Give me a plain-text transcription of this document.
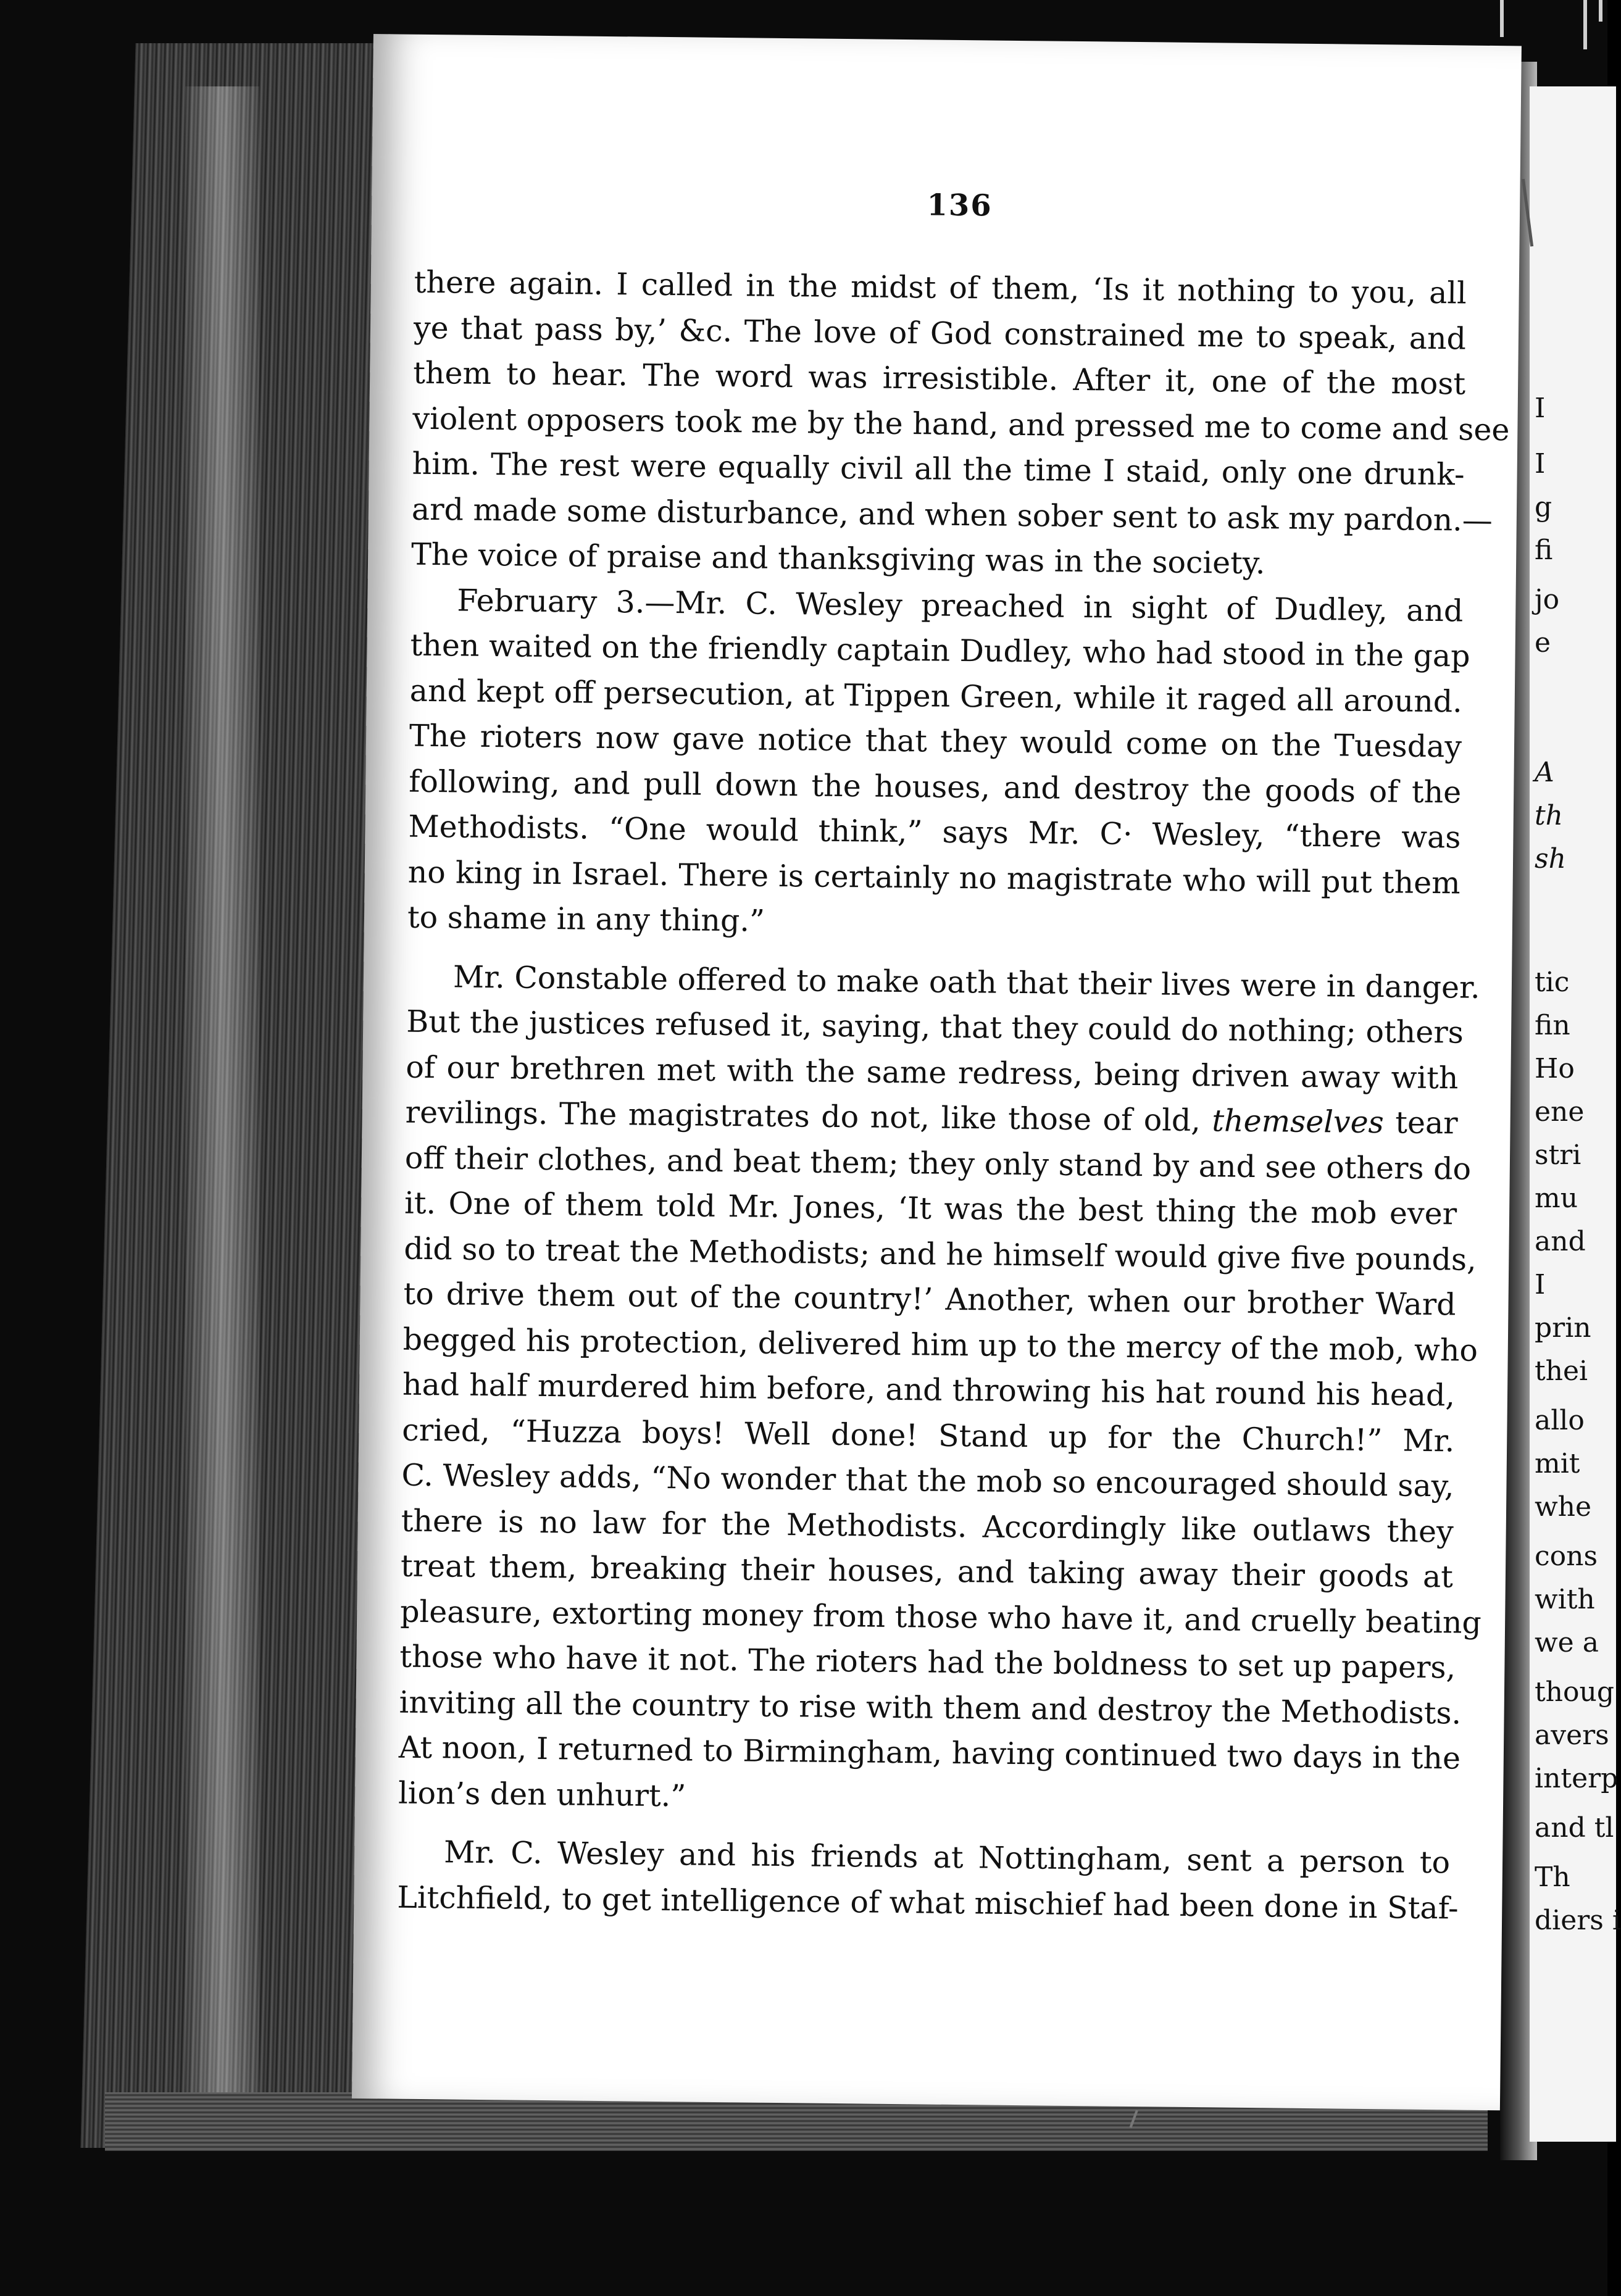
I
I
g
fi
jo
e
A
th
sh
tic
fin
Ho
ene
stri
mu
and
I
prin
thei
allo
mit
whe
cons
with
we a
thoug
avers
interp
and tl
Th
diers i
136
there again. I called in the midst of them, ‘Is it nothing to you, all
ye that pass by,’ &c. The love of God constrained me to speak, and
them to hear. The word was irresistible. After it, one of the most
violent opposers took me by the hand, and pressed me to come and see
him. The rest were equally civil all the time I staid, only one drunk-
ard made some disturbance, and when sober sent to ask my pardon.—
The voice of praise and thanksgiving was in the society.
February 3.—Mr. C. Wesley preached in sight of Dudley, and
then waited on the friendly captain Dudley, who had stood in the gap
and kept off persecution, at Tippen Green, while it raged all around.
The rioters now gave notice that they would come on the Tuesday
following, and pull down the houses, and destroy the goods of the
Methodists. “One would think,” says Mr. C· Wesley, “there was
no king in Israel. There is certainly no magistrate who will put them
to shame in any thing.”
Mr. Constable offered to make oath that their lives were in danger.
But the justices refused it, saying, that they could do nothing; others
of our brethren met with the same redress, being driven away with
revilings. The magistrates do not, like those of old, themselves tear
off their clothes, and beat them; they only stand by and see others do
it. One of them told Mr. Jones, ‘It was the best thing the mob ever
did so to treat the Methodists; and he himself would give five pounds,
to drive them out of the country!’ Another, when our brother Ward
begged his protection, delivered him up to the mercy of the mob, who
had half murdered him before, and throwing his hat round his head,
cried, “Huzza boys! Well done! Stand up for the Church!” Mr.
C. Wesley adds, “No wonder that the mob so encouraged should say,
there is no law for the Methodists. Accordingly like outlaws they
treat them, breaking their houses, and taking away their goods at
pleasure, extorting money from those who have it, and cruelly beating
those who have it not. The rioters had the boldness to set up papers,
inviting all the country to rise with them and destroy the Methodists.
At noon, I returned to Birmingham, having continued two days in the
lion’s den unhurt.”
Mr. C. Wesley and his friends at Nottingham, sent a person to
Litchfield, to get intelligence of what mischief had been done in Staf-
